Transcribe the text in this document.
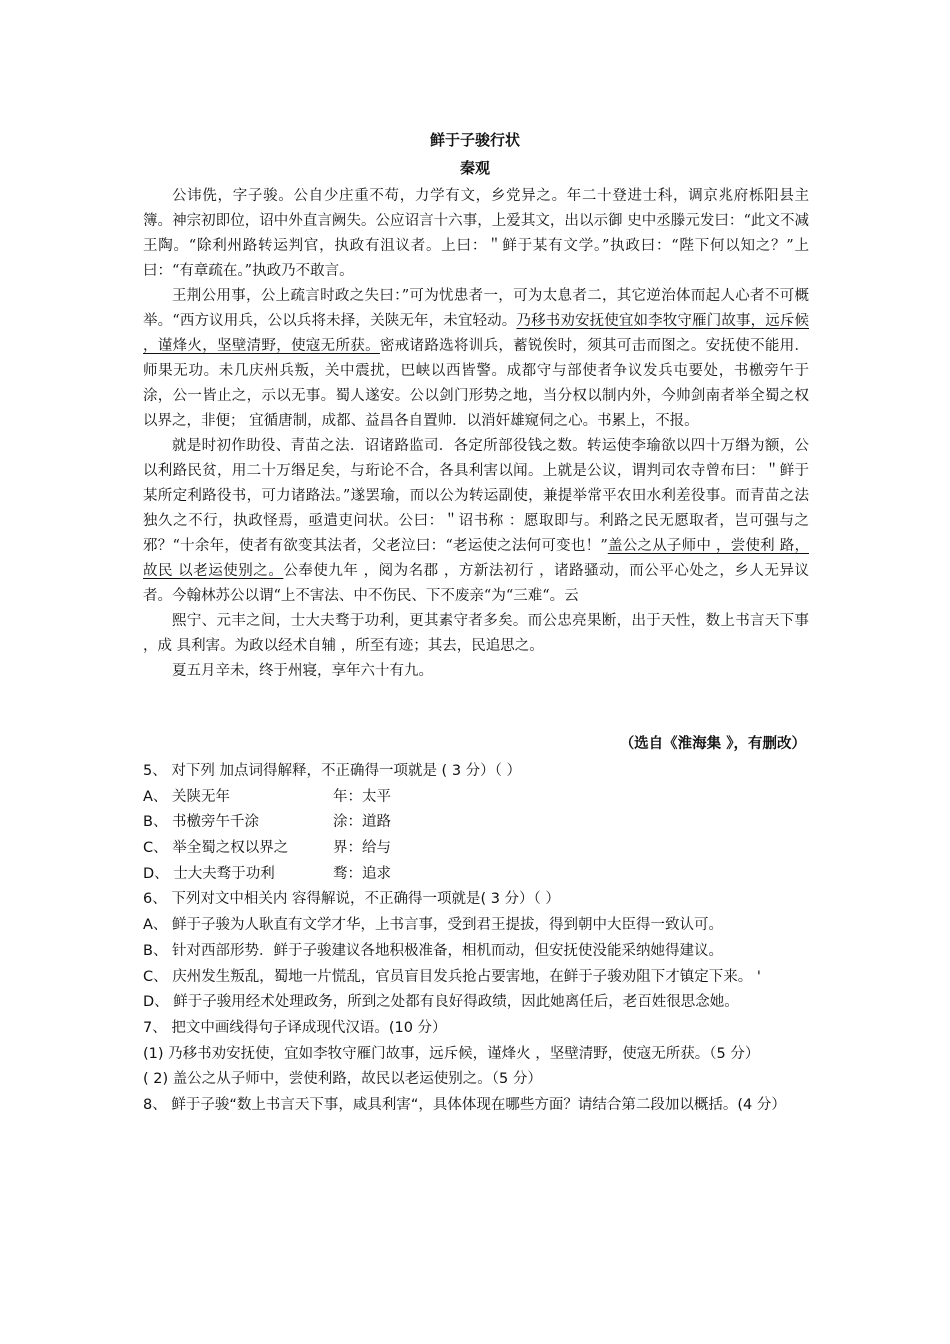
鲜于子骏行状
秦观
公讳侁，字子骏。公自少庄重不苟，力学有文，乡党异之。年二十登进士科，调京兆府栎阳县主簿。神宗初即位，诏中外直言阙失。公应诏言十六事，上爱其文，出以示御 史中丞滕元发曰：“此文不减王陶。“除利州路转运判官，执政有沮议者。上曰：＂鲜于某有文学。”执政曰：“陛下何以知之？”上曰：“有章疏在。”执政乃不敢言。
王荆公用事，公上疏言时政之失曰：”可为忧患者一，可为太息者二，其它逆治体而起人心者不可概举。“西方议用兵，公以兵将未择，关陕无年，未宜轻动。乃移书劝安抚使宜如李牧守雁门故事，远斥候 ，谨烽火，坚壁清野，使寇无所获。密戒诸路选将训兵，蓄锐俟时，须其可击而图之。安抚使不能用．师果无功。未几庆州兵叛，关中震扰，巴峡以西皆警。成都守与部使者争议发兵屯要处，书檄旁午于涂，公一皆止之，示以无事。蜀人遂安。公以剑门形势之地，当分权以制内外，今帅剑南者举全蜀之权以界之，非便； 宜循唐制，成都、益昌各自置帅．以消奸雄窥伺之心。书累上，不报。
就是时初作助役、青苗之法．诏诸路监司．各定所部役钱之数。转运使李瑜欲以四十万缗为额，公以利路民贫，用二十万缗足矣，与珩论不合，各具利害以闻。上就是公议，谓判司农寺曾布曰：＂鲜于某所定利路役书，可力诸路法。”遂罢瑜，而以公为转运副使，兼提举常平农田水利差役事。而青苗之法独久之不行，执政怪焉，亟遣吏问状。公曰：＂诏书称 ：愿取即与。利路之民无愿取者，岂可强与之邪？“十余年，使者有欲变其法者，父老泣曰：“老运使之法何可变也！”盖公之从子师中 ，尝使利 路，故民 以老运使别之。公奉使九年 ，阅为名郡 ，方新法初行 ，诸路骚动，而公平心处之，乡人无异议者。今翰林苏公以谓“上不害法、中不伤民、下不废亲“为“三难“。云
熙宁、元丰之间，士大夫骛于功利，更其素守者多矣。而公忠亮果断，出于天性，数上书言天下事 ，成 具利害。为政以经术自辅 ，所至有迹；其去，民追思之。
夏五月辛未，终于州寝，享年六十有九。
（选自《淮海集 》，有删改）
5、 对下列 加点词得解释，不正确得一项就是 ( 3 分）（ ）
A、 关陕无年	年：太平
B、 书檄旁午千涂	涂：道路
C、 举全蜀之权以界之	界：给与
D、 士大夫骛于功利	骛：追求
6、 下列对文中相关内 容得解说，不正确得一项就是( 3 分）（ ）
A、 鲜于子骏为人耿直有文学才华，上书言事，受到君王提拔，得到朝中大臣得一致认可。
B、 针对西部形势．鲜于子骏建议各地积极准备，相机而动，但安抚使没能采纳她得建议。
C、 庆州发生叛乱，蜀地一片慌乱，官员盲目发兵抢占要害地，在鲜于子骏劝阻下才镇定下来。 '
D、 鲜于子骏用经术处理政务，所到之处都有良好得政绩，因此她离任后，老百姓很思念她。
7、 把文中画线得句子译成现代汉语。(10 分）
(1) 乃移书劝安抚使，宜如李牧守雁门故事，远斥候，谨烽火 ，坚壁清野，使寇无所获。（5 分）
( 2) 盖公之从子师中，尝使利路，故民以老运使别之。（5 分）
8、 鲜于子骏“数上书言天下事，咸具利害“，具体体现在哪些方面？请结合第二段加以概括。(4 分）
